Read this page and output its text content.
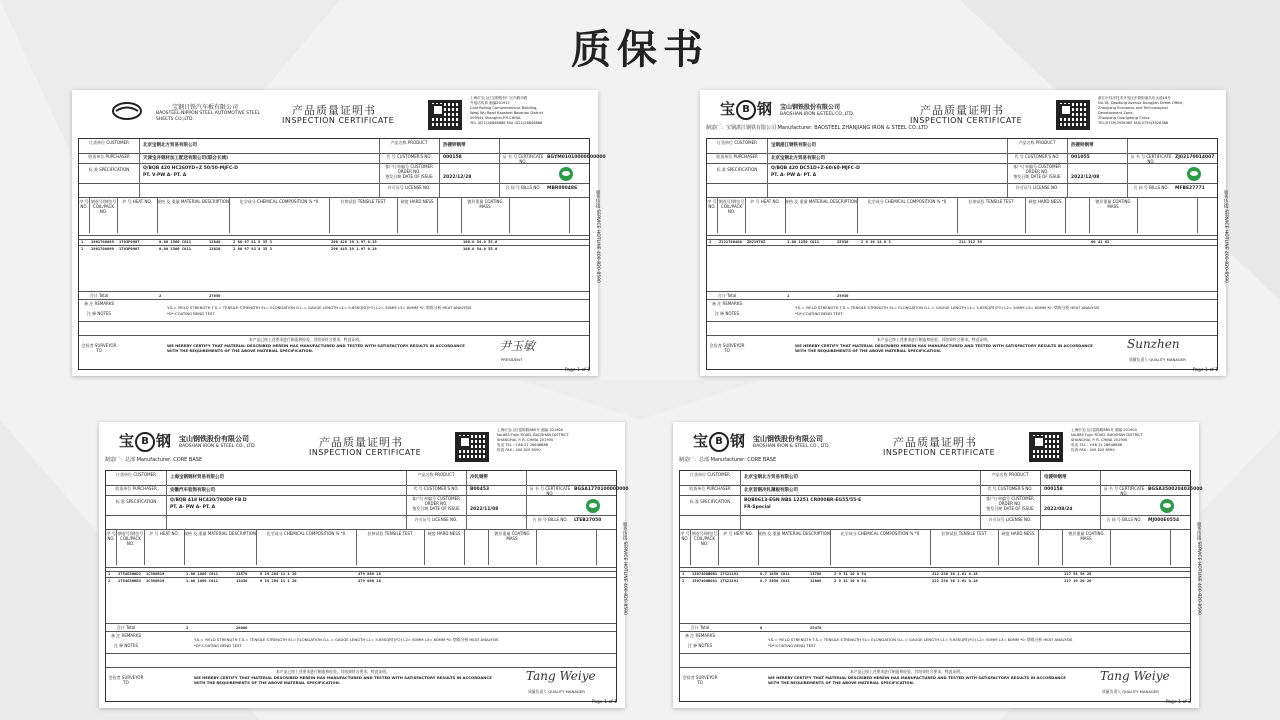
质保书
宝钢日铁汽车板有限公司
BAOSTEEL-NIPPON STEEL AUTOMOTIVE STEEL SHEETS CO.,LTD.
产品质量证明书
INSPECTION CERTIFICATE
上海市宝山区宝钢股份厂区内路市路
外电话传真 邮编201911
Cold Rolling Comprehensive Building,
West Wu Road Baosteel Baoshan District
200941 Shanghai,P.R.CHINA
TEL (021)26648888 FAX (021)26648888
订货单位 CUSTOMER
北京宝钢北方贸易有限公司
收货单位 PURCHASER	天津宝井钢材加工配送有限公司(联合长城)
标 准 SPECIFICATION	Q/BQB 420 HC260YD+Z 50/50-MJFC-D
PT. V-PW A- PT. A
产品名称 PRODUCT
热镀锌钢带
代 号 CUSTOMER'S NO.	000158	证 书 号 CERTIFICATE NO.
BGYM01010000000000
客户订单编号 CUSTOMER ORDER NO.
签发日期 DATE OF ISSUE	2022/12/28
许可证号 LICENSE NO.	合 同 号 BILLS NO.	MBR000486
序 号 NO.
钢卷号/钢包号 COIL/PACK NO.
炉 号 HEAT NO.	规格 及 重量 MATERIAL DESCRIPTION	化学成分 CHEMICAL COMPOSITION % *0	拉伸试验 TENSILE TEST	硬度 HARD NESS	镀层重量 COATING MASS
1 1961700089 1T03P0907	0.80 1560 C011	13840	2 80 97 81 8 35 3	296 428 39 1.97 0.19	106.0 54.0 55.0
2 1961700099 1T03P0907	0.80 1560 C011	13810	2 80 97 83 8 35 3	296 445 39 1.97 0.19	106.0 54.0 55.0
合计 Total	2	27650
备 注 REMARKS
注 释 NOTES
Y.S.= YIELD STRENGTH T.S.= TENSILE STRENGTH EL= ELONGATION G.L.= GAUGE LENGTH L1= 5.65SQRT(FO) L2= 50MM L3= 80MM *0: 熔炼分析 HEAT ANALYSIS
*D*:COATING BEND TEST
会验者 SURVEYOR TO
本产品已按上述要求进行制造和检验，其结果符合要求，特此证明。
WE HEREBY CERTIFY THAT MATERIAL DESCRIBED HEREIN HAS MANUFACTURED AND TESTED WITH SATISFACTORY RESULTS IN ACCORDANCE WITH THE REQUIREMENTS OF THE ABOVE MATERIAL SPECIFICATION.	尹玉敏
PRESIDENT
Page 1 of 1
服务热线 SERVICE HOTLINE 400-820-8590
宝 B 钢 宝山钢铁股份有限公司
BAOSHAN IRON &STEEL CO.,LTD.
制造厂：宝钢湛江钢铁有限公司 Manufacturer: BAOSTEEL ZHANJIANG IRON & STEEL CO.,LTD
产品质量证明书
INSPECTION CERTIFICATE
湛江市经济技术开发区东简街道岛东大道18号
No.18, Daodong Avenue Dongjian Street Office,
Zhanjiang Economic and Technological
Development Zone,
Zhanjiang Guangdong China
TEL(0759)3926365 FAX(0759)3926366
订货单位 CUSTOMER
宝钢湛江钢铁有限公司
收货单位 PURCHASER	北京宝钢北方贸易有限公司
标 准 SPECIFICATION	Q/BQB 420 DC51D+Z-60/60-MJFC-D
PT. A- PW A- PT. A
产品名称 PRODUCT
热镀锌钢带
代 号 CUSTOMER'S NO.	001055	证 书 号 CERTIFICATE NO.
ZJ02170014007
客户订单编号 CUSTOMER ORDER NO.
签发日期 DATE OF ISSUE	2022/12/08
许可证号 LICENSE NO.	合 同 号 BILLS NO.	MFBE27771
序 号 NO.
钢卷号/钢包号 COIL/PACK NO.
炉 号 HEAT NO.	规格 及 重量 MATERIAL DESCRIPTION	化学成分 CHEMICAL COMPOSITION % *0	拉伸试验 TENSILE TEST	硬度 HARD NESS	镀层重量 COATING MASS
1 Z221700460 ZH21976Z	1.00 1250 C011	25930	2 0 19 14 0 3	211 312 39	60 41 62
合计 Total	1	25930
备 注 REMARKS
注 释 NOTES
Y.S.= YIELD STRENGTH T.S.= TENSILE STRENGTH EL= ELONGATION G.L.= GAUGE LENGTH L1= 5.65SQRT(FO) L2= 50MM L3= 80MM *0: 熔炼分析 HEAT ANALYSIS
*D*:COATING BEND TEST
会验者 SURVEYOR TO
本产品已按上述要求进行制造和检验，其结果符合要求，特此证明。
WE HEREBY CERTIFY THAT MATERIAL DESCRIBED HEREIN HAS MANUFACTURED AND TESTED WITH SATISFACTORY RESULTS IN ACCORDANCE WITH THE REQUIREMENTS OF THE ABOVE MATERIAL SPECIFICATION.	Sunzhen
质量负责人 QUALITY MANAGER
Page 1 of 1
服务热线 SERVICE HOTLINE 400-820-8590
宝 B 钢 宝山钢铁股份有限公司
BAOSHAN IRON & STEEL CO., LTD.
制造厂：总部 Manufacturer: CORE BASE
产品质量证明书
INSPECTION CERTIFICATE
上海市宝山区富锦路885号 邮编 201900
No.885 Fujin ROAD, BAOSHAN DISTRICT
SHANGHAI, P. R. CHINA 201900
电话 TEL : +86 21 26648888
传真 FAX : 400 820 8590
订货单位 CUSTOMER
上海宝钢钢材贸易有限公司
收货单位 PURCHASER	安徽汽车装饰有限公司
标 准 SPECIFICATION	Q/BQB 418 HC420/780DP FB D
PT. A- PW A- PT. A
产品名称 PRODUCT
冷轧钢带
代 号 CUSTOMER'S NO.	B00453	证 书 号 CERTIFICATE NO.
BGSA1770100000000
客户订单编号 CUSTOMER ORDER NO.
签发日期 DATE OF ISSUE	2022/11/08
许可证号 LICENSE NO.	合 同 号 BILLS NO.	LTEB27050
序 号 NO.
钢卷号/钢包号 COIL/PACK NO.
炉 号 HEAT NO.	规格 及 重量 MATERIAL DESCRIPTION	化学成分 CHEMICAL COMPOSITION % *0	拉伸试验 TENSILE TEST	硬度 HARD NESS	镀层重量 COATING MASS
1 1T54G3H0D3 1C580R19	1.00 1080 C011	13570	0 19 204 11 1 20	479 860 18
2 1T54G3H0D3 1C580R19	1.00 1080 C011	13430	0 19 204 11 1 20	479 860 18
合计 Total	2	26000
备 注 REMARKS
注 释 NOTES
Y.S.= YIELD STRENGTH T.S.= TENSILE STRENGTH EL= ELONGATION G.L.= GAUGE LENGTH L1= 5.65SQRT(FO) L2= 50MM L3= 80MM *0: 熔炼分析 HEAT ANALYSIS
*D*:COATING BEND TEST
会验者 SURVEYOR TO
本产品已按上述要求进行制造和检验，其结果符合要求，特此证明。
WE HEREBY CERTIFY THAT MATERIAL DESCRIBED HEREIN HAS MANUFACTURED AND TESTED WITH SATISFACTORY RESULTS IN ACCORDANCE WITH THE REQUIREMENTS OF THE ABOVE MATERIAL SPECIFICATION.	Tang Weiye
质量负责人 QUALITY MANAGER
Page 1 of 1
服务热线 SERVICE HOTLINE 400-820-8590
宝 B 钢 宝山钢铁股份有限公司
BAOSHAN IRON & STEEL CO., LTD.
制造厂：总部 Manufacturer: CORE BASE
产品质量证明书
INSPECTION CERTIFICATE
上海市宝山区富锦路885号 邮编 201900
No.885 Fujin ROAD, BAOSHAN DISTRICT
SHANGHAI, P. R. CHINA 201900
电话 TEL : +86 21 26648888
传真 FAX : 400 820 8590
订货单位 CUSTOMER
北京宝钢北方贸易有限公司
收货单位 PURCHASER	北京首钢冷轧薄板有限公司
标 准 SPECIFICATION	BQB0613-EGN NBS 12251 CR000BR-EG55/55-E
FR-Special
产品名称 PRODUCT
电镀锌钢带
代 号 CUSTOMER'S NO.	000158	证 书 号 CERTIFICATE NO.
BGSA3500204035000
客户订单编号 CUSTOMER ORDER NO.
签发日期 DATE OF ISSUE	2022/08/24
许可证号 LICENSE NO.	合 同 号 BILLS NO.	MJ000E0554
序 号 NO.
钢卷号/钢包号 COIL/PACK NO.
炉 号 HEAT NO.	规格 及 重量 MATERIAL DESCRIPTION	化学成分 CHEMICAL COMPOSITION % *0	拉伸试验 TENSILE TEST	硬度 HARD NESS	镀层重量 COATING MASS
1 1507400B0B1 1TS21191	0.7 1850 C011	13780	2 9 31 10 0 54	212 230 38 1.61 0.18	117 58 58 20
2 1507400B081 1TS21191	0.7 2050 C011	11800	2 9 31 10 0 54	222 230 36 1.61 0.18	117 19 20 20
合计 Total	0	25470
备 注 REMARKS
注 释 NOTES
Y.S.= YIELD STRENGTH T.S.= TENSILE STRENGTH EL= ELONGATION G.L.= GAUGE LENGTH L1= 5.65SQRT(FO) L2= 50MM L3= 80MM *0: 熔炼分析 HEAT ANALYSIS
*D*:COATING BEND TEST
会验者 SURVEYOR TO
本产品已按上述要求进行制造和检验，其结果符合要求，特此证明。
WE HEREBY CERTIFY THAT MATERIAL DESCRIBED HEREIN HAS MANUFACTURED AND TESTED WITH SATISFACTORY RESULTS IN ACCORDANCE WITH THE REQUIREMENTS OF THE ABOVE MATERIAL SPECIFICATION.	Tang Weiye
质量负责人 QUALITY MANAGER
Page 1 of 2
服务热线 SERVICE HOTLINE 400-820-8590
